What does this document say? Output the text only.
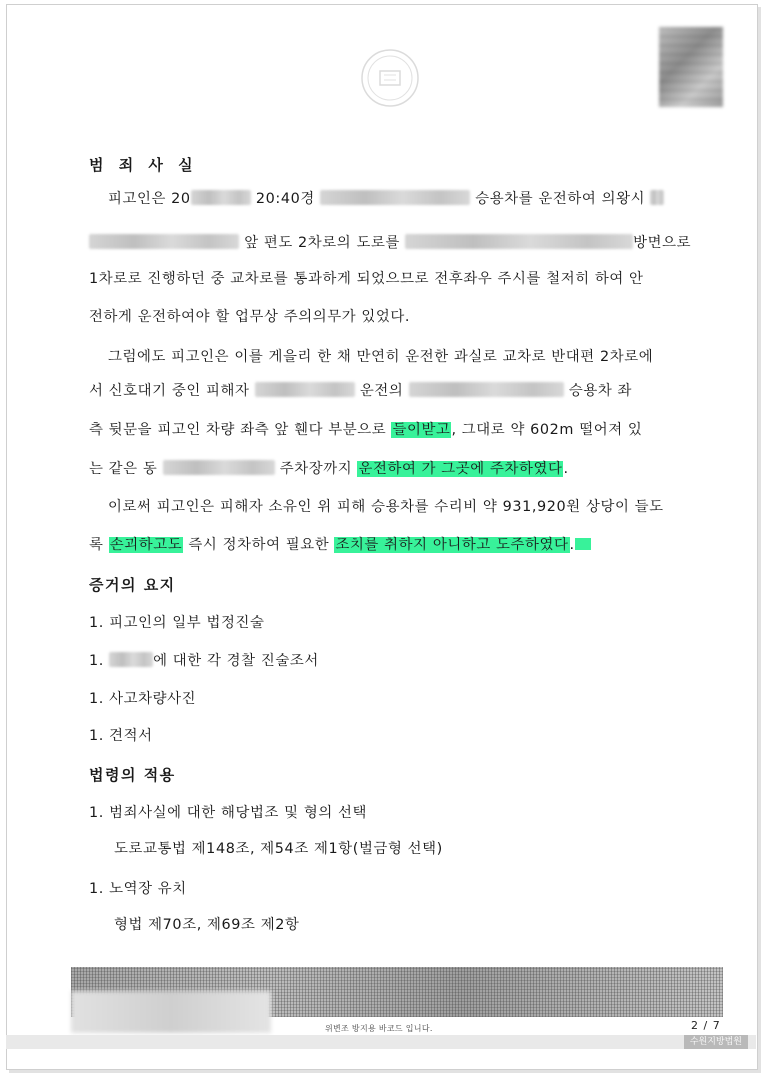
범 죄 사 실
피고인은 20	20:40경	승용차를 운전하여 의왕시
앞 편도 2차로의 도로를	방면으로
1차로로 진행하던 중 교차로를 통과하게 되었으므로 전후좌우 주시를 철저히 하여 안
전하게 운전하여야 할 업무상 주의의무가 있었다.
그럼에도 피고인은 이를 게을리 한 채 만연히 운전한 과실로 교차로 반대편 2차로에
서 신호대기 중인 피해자	운전의	승용차 좌
측 뒷문을 피고인 차량 좌측 앞 휀다 부분으로 들이받고, 그대로 약 602m 떨어져 있
는 같은 동	주차장까지 운전하여 가 그곳에 주차하였다.
이로써 피고인은 피해자 소유인 위 피해 승용차를 수리비 약 931,920원 상당이 들도
록 손괴하고도 즉시 정차하여 필요한 조치를 취하지 아니하고 도주하였다.
증거의 요지
1. 피고인의 일부 법정진술
1.	에 대한 각 경찰 진술조서
1. 사고차량사진
1. 견적서
법령의 적용
1. 범죄사실에 대한 해당법조 및 형의 선택
도로교통법 제148조, 제54조 제1항(벌금형 선택)
1. 노역장 유치
형법 제70조, 제69조 제2항
위변조 방지용 바코드 입니다.	2 / 7
수원지방법원
